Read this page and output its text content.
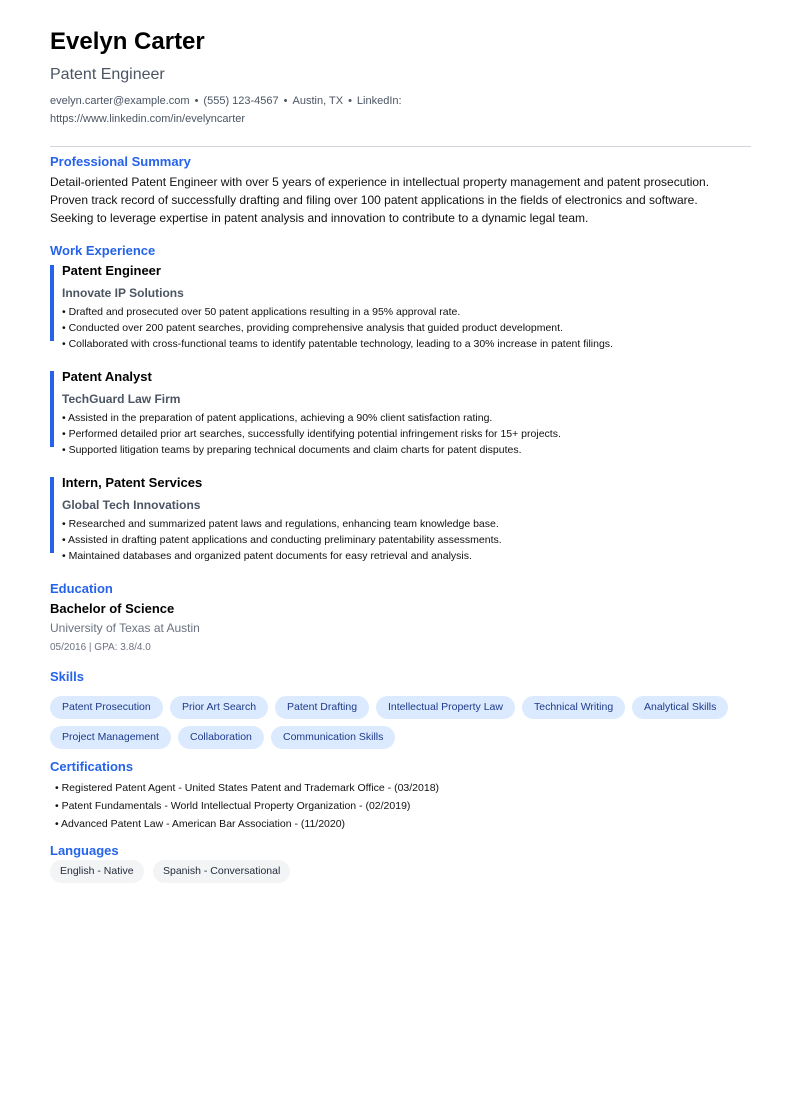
Evelyn Carter
Patent Engineer
evelyn.carter@example.com • (555) 123-4567 • Austin, TX • LinkedIn:
https://www.linkedin.com/in/evelyncarter
Professional Summary
Detail-oriented Patent Engineer with over 5 years of experience in intellectual property management and patent prosecution. Proven track record of successfully drafting and filing over 100 patent applications in the fields of electronics and software. Seeking to leverage expertise in patent analysis and innovation to contribute to a dynamic legal team.
Work Experience
Patent Engineer
Innovate IP Solutions
• Drafted and prosecuted over 50 patent applications resulting in a 95% approval rate.
• Conducted over 200 patent searches, providing comprehensive analysis that guided product development.
• Collaborated with cross-functional teams to identify patentable technology, leading to a 30% increase in patent filings.
Patent Analyst
TechGuard Law Firm
• Assisted in the preparation of patent applications, achieving a 90% client satisfaction rating.
• Performed detailed prior art searches, successfully identifying potential infringement risks for 15+ projects.
• Supported litigation teams by preparing technical documents and claim charts for patent disputes.
Intern, Patent Services
Global Tech Innovations
• Researched and summarized patent laws and regulations, enhancing team knowledge base.
• Assisted in drafting patent applications and conducting preliminary patentability assessments.
• Maintained databases and organized patent documents for easy retrieval and analysis.
Education
Bachelor of Science
University of Texas at Austin
05/2016 | GPA: 3.8/4.0
Skills
Patent Prosecution	Prior Art Search	Patent Drafting	Intellectual Property Law	Technical Writing	Analytical Skills
Project Management	Collaboration	Communication Skills
Certifications
• Registered Patent Agent - United States Patent and Trademark Office - (03/2018)
• Patent Fundamentals - World Intellectual Property Organization - (02/2019)
• Advanced Patent Law - American Bar Association - (11/2020)
Languages
English - Native	Spanish - Conversational
